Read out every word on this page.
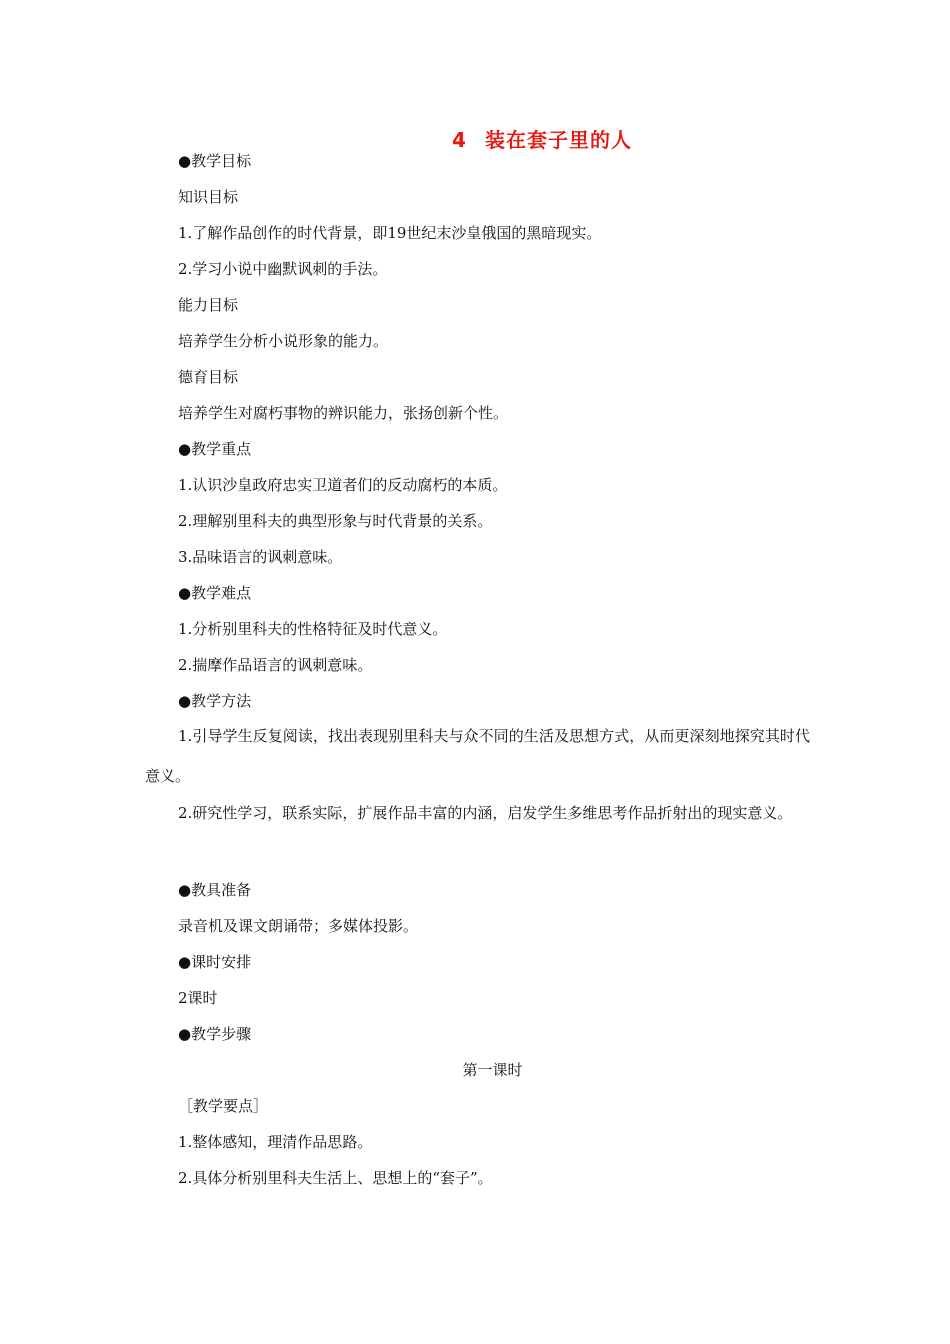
4 装在套子里的人
●教学目标
知识目标
1.了解作品创作的时代背景，即19世纪末沙皇俄国的黑暗现实。
2.学习小说中幽默讽刺的手法。
能力目标
培养学生分析小说形象的能力。
德育目标
培养学生对腐朽事物的辨识能力，张扬创新个性。
●教学重点
1.认识沙皇政府忠实卫道者们的反动腐朽的本质。
2.理解别里科夫的典型形象与时代背景的关系。
3.品味语言的讽刺意味。
●教学难点
1.分析别里科夫的性格特征及时代意义。
2.揣摩作品语言的讽刺意味。
●教学方法
1.引导学生反复阅读，找出表现别里科夫与众不同的生活及思想方式，从而更深刻地探究其时代意义。
2.研究性学习，联系实际，扩展作品丰富的内涵，启发学生多维思考作品折射出的现实意义。
●教具准备
录音机及课文朗诵带；多媒体投影。
●课时安排
2课时
●教学步骤
第一课时
［教学要点］
1.整体感知，理清作品思路。
2.具体分析别里科夫生活上、思想上的“套子”。
